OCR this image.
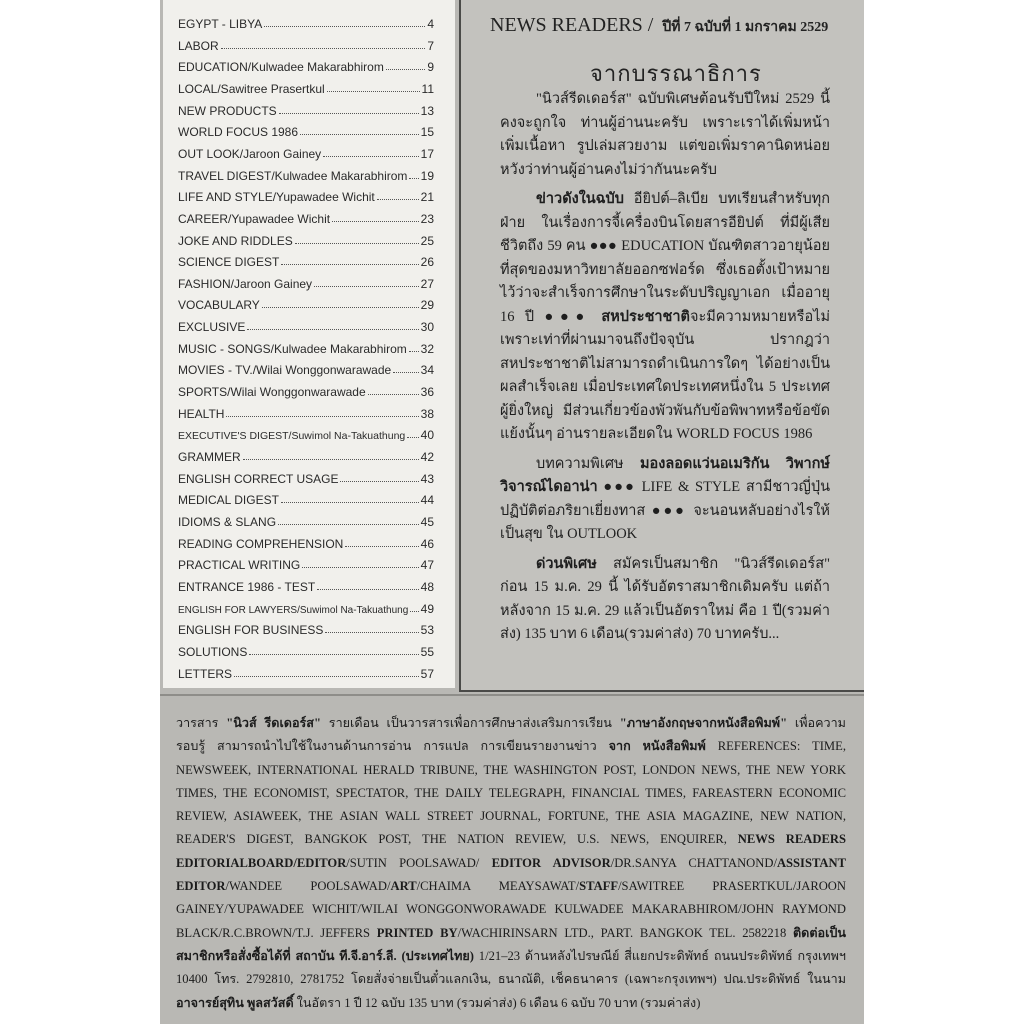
EGYPT - LIBYA	4
LABOR	7
EDUCATION/Kulwadee Makarabhirom	9
LOCAL/Sawitree Prasertkul	11
NEW PRODUCTS	13
WORLD FOCUS 1986	15
OUT LOOK/Jaroon Gainey	17
TRAVEL DIGEST/Kulwadee Makarabhirom 19
LIFE AND STYLE/Yupawadee Wichit	21
CAREER/Yupawadee Wichit	23
JOKE AND RIDDLES	25
SCIENCE DIGEST	26
FASHION/Jaroon Gainey	27
VOCABULARY	29
EXCLUSIVE	30
MUSIC - SONGS/Kulwadee Makarabhirom 32
MOVIES - TV./Wilai Wonggonwarawade 34
SPORTS/Wilai Wonggonwarawade	36
HEALTH	38
EXECUTIVE'S DIGEST/Suwimol Na-Takuathung 40
GRAMMER	42
ENGLISH CORRECT USAGE	43
MEDICAL DIGEST	44
IDIOMS & SLANG	45
READING COMPREHENSION	46
PRACTICAL WRITING	47
ENTRANCE 1986 - TEST	48
ENGLISH FOR LAWYERS/Suwimol Na-Takuathung 49
ENGLISH FOR BUSINESS	53
SOLUTIONS	55
LETTERS	57
NEWS READERS / ปีที่ 7 ฉบับที่ 1 มกราคม 2529
จากบรรณาธิการ

"นิวส์รีดเดอร์ส" ฉบับพิเศษต้อนรับปีใหม่ 2529 นี้ คงจะถูกใจ ท่านผู้อ่านนะครับ เพราะเราได้เพิ่มหน้า เพิ่มเนื้อหา รูปเล่มสวยงาม แต่ขอเพิ่มราคานิดหน่อย หวังว่าท่านผู้อ่านคงไม่ว่ากันนะครับ

ข่าวดังในฉบับ อียิปต์–ลิเบีย บทเรียนสำหรับทุกฝ่าย ในเรื่องการจี้เครื่องบินโดยสารอียิปต์ ที่มีผู้เสียชีวิตถึง 59 คน ●●● EDUCATION บัณฑิตสาวอายุน้อยที่สุดของมหาวิทยาลัยออกซฟอร์ด ซึ่งเธอตั้งเป้าหมายไว้ว่าจะสำเร็จการศึกษาในระดับปริญญาเอก เมื่ออายุ 16 ปี ●●● สหประชาชาติจะมีความหมายหรือไม่ เพราะเท่าที่ผ่านมาจนถึงปัจจุบัน ปรากฎว่าสหประชาชาติไม่สามารถดำเนินการใดๆ ได้อย่างเป็นผลสำเร็จเลย เมื่อประเทศใดประเทศหนึ่งใน 5 ประเทศผู้ยิ่งใหญ่ มีส่วนเกี่ยวข้องพัวพันกับข้อพิพาทหรือข้อขัดแย้งนั้นๆ อ่านรายละเอียดใน WORLD FOCUS 1986

บทความพิเศษ มองลอดแว่นอเมริกัน วิพากษ์วิจารณ์ไดอาน่า ●●● LIFE & STYLE สามีชาวญี่ปุ่นปฏิบัติต่อภริยาเยี่ยงทาส ●●● จะนอนหลับอย่างไรให้เป็นสุข ใน OUTLOOK

ด่วนพิเศษ สมัครเป็นสมาชิก "นิวส์รีดเดอร์ส" ก่อน 15 ม.ค. 29 นี้ ได้รับอัตราสมาชิกเดิมครับ แต่ถ้าหลังจาก 15 ม.ค. 29 แล้วเป็นอัตราใหม่ คือ 1 ปี(รวมค่าส่ง) 135 บาท 6 เดือน(รวมค่าส่ง) 70 บาทครับ...

วารสาร "นิวส์ รีดเดอร์ส" รายเดือน เป็นวารสารเพื่อการศึกษาส่งเสริมการเรียน "ภาษาอังกฤษจากหนังสือพิมพ์" เพื่อความรอบรู้ สามารถนำไปใช้ในงานด้านการอ่าน การแปล การเขียนรายงานข่าว จาก หนังสือพิมพ์ REFERENCES: TIME, NEWSWEEK, INTERNATIONAL HERALD TRIBUNE, THE WASHINGTON POST, LONDON NEWS, THE NEW YORK TIMES, THE ECONOMIST, SPECTATOR, THE DAILY TELEGRAPH, FINANCIAL TIMES, FAREASTERN ECONOMIC REVIEW, ASIAWEEK, THE ASIAN WALL STREET JOURNAL, FORTUNE, THE ASIA MAGAZINE, NEW NATION, READER'S DIGEST, BANGKOK POST, THE NATION REVIEW, U.S. NEWS, ENQUIRER, NEWS READERS EDITORIALBOARD/EDITOR/SUTIN POOLSAWAD/ EDITOR ADVISOR/DR.SANYA CHATTANOND/ASSISTANT EDITOR/WANDEE POOLSAWAD/ART/CHAIMA MEAYSAWAT/STAFF/SAWITREE PRASERTKUL/JAROON GAINEY/YUPAWADEE WICHIT/WILAI WONGGONWORAWADE KULWADEE MAKARABHIROM/JOHN RAYMOND BLACK/R.C.BROWN/T.J. JEFFERS PRINTED BY/WACHIRINSARN LTD., PART. BANGKOK TEL. 2582218 ติดต่อเป็นสมาชิกหรือสั่งซื้อได้ที่ สถาบัน ที.จี.อาร์.ลี. (ประเทศไทย) 1/21–23 ด้านหลังไปรษณีย์ สี่แยกประดิพัทธ์ ถนนประดิพัทธ์ กรุงเทพฯ 10400 โทร. 2792810, 2781752 โดยสั่งจ่ายเป็นตั๋วแลกเงิน, ธนาณัติ, เช็คธนาคาร (เฉพาะกรุงเทพฯ) ปณ.ประดิพัทธ์ ในนาม อาจารย์สุทิน พูลสวัสดิ์ ในอัตรา 1 ปี 12 ฉบับ 135 บาท (รวมค่าส่ง) 6 เดือน 6 ฉบับ 70 บาท (รวมค่าส่ง)
